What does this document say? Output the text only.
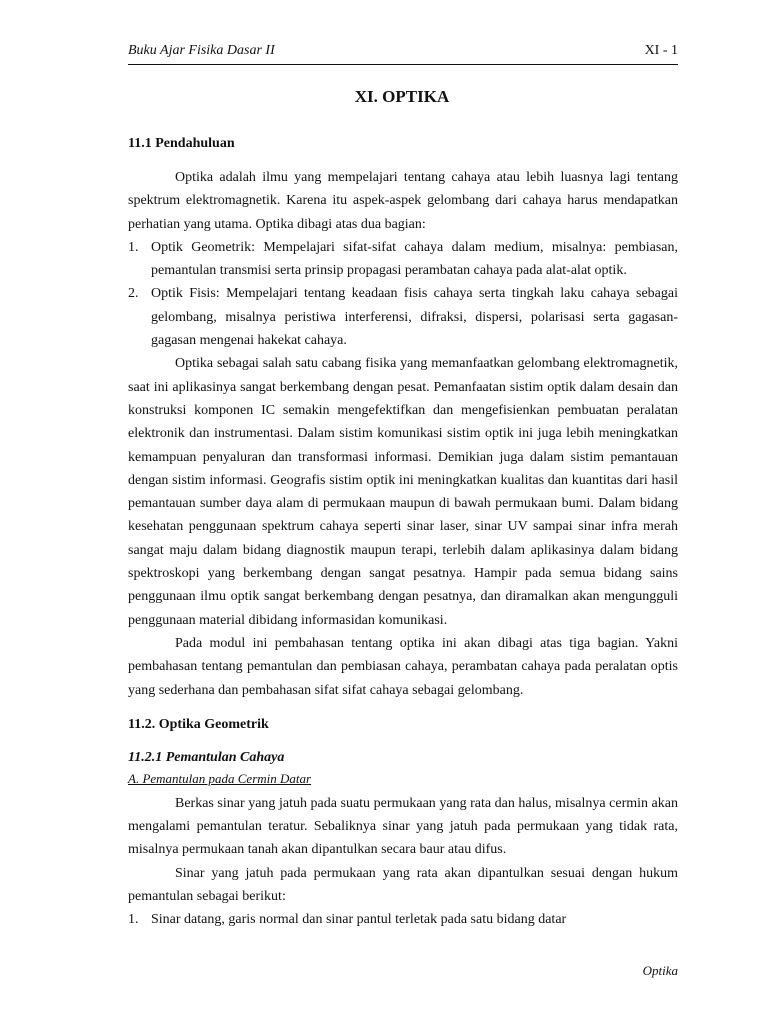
Buku Ajar Fisika Dasar II	XI - 1
XI. OPTIKA
11.1 Pendahuluan

Optika adalah ilmu yang mempelajari tentang cahaya atau lebih luasnya lagi tentang spektrum elektromagnetik. Karena itu aspek-aspek gelombang dari cahaya harus mendapatkan perhatian yang utama. Optika dibagi atas dua bagian:

1. Optik Geometrik: Mempelajari sifat-sifat cahaya dalam medium, misalnya: pembiasan, pemantulan transmisi serta prinsip propagasi perambatan cahaya pada alat-alat optik.
2. Optik Fisis: Mempelajari tentang keadaan fisis cahaya serta tingkah laku cahaya sebagai gelombang, misalnya peristiwa interferensi, difraksi, dispersi, polarisasi serta gagasan-gagasan mengenai hakekat cahaya.

Optika sebagai salah satu cabang fisika yang memanfaatkan gelombang elektromagnetik, saat ini aplikasinya sangat berkembang dengan pesat. Pemanfaatan sistim optik dalam desain dan konstruksi komponen IC semakin mengefektifkan dan mengefisienkan pembuatan peralatan elektronik dan instrumentasi. Dalam sistim komunikasi sistim optik ini juga lebih meningkatkan kemampuan penyaluran dan transformasi informasi. Demikian juga dalam sistim pemantauan dengan sistim informasi. Geografis sistim optik ini meningkatkan kualitas dan kuantitas dari hasil pemantauan sumber daya alam di permukaan maupun di bawah permukaan bumi. Dalam bidang kesehatan penggunaan spektrum cahaya seperti sinar laser, sinar UV sampai sinar infra merah sangat maju dalam bidang diagnostik maupun terapi, terlebih dalam aplikasinya dalam bidang spektroskopi yang berkembang dengan sangat pesatnya. Hampir pada semua bidang sains penggunaan ilmu optik sangat berkembang dengan pesatnya, dan diramalkan akan mengungguli penggunaan material dibidang informasidan komunikasi.

Pada modul ini pembahasan tentang optika ini akan dibagi atas tiga bagian. Yakni pembahasan tentang pemantulan dan pembiasan cahaya, perambatan cahaya pada peralatan optis yang sederhana dan pembahasan sifat sifat cahaya sebagai gelombang.

11.2. Optika Geometrik
11.2.1 Pemantulan Cahaya
A. Pemantulan pada Cermin Datar

Berkas sinar yang jatuh pada suatu permukaan yang rata dan halus, misalnya cermin akan mengalami pemantulan teratur. Sebaliknya sinar yang jatuh pada permukaan yang tidak rata, misalnya permukaan tanah akan dipantulkan secara baur atau difus.

Sinar yang jatuh pada permukaan yang rata akan dipantulkan sesuai dengan hukum pemantulan sebagai berikut:

1. Sinar datang, garis normal dan sinar pantul terletak pada satu bidang datar
Optika
